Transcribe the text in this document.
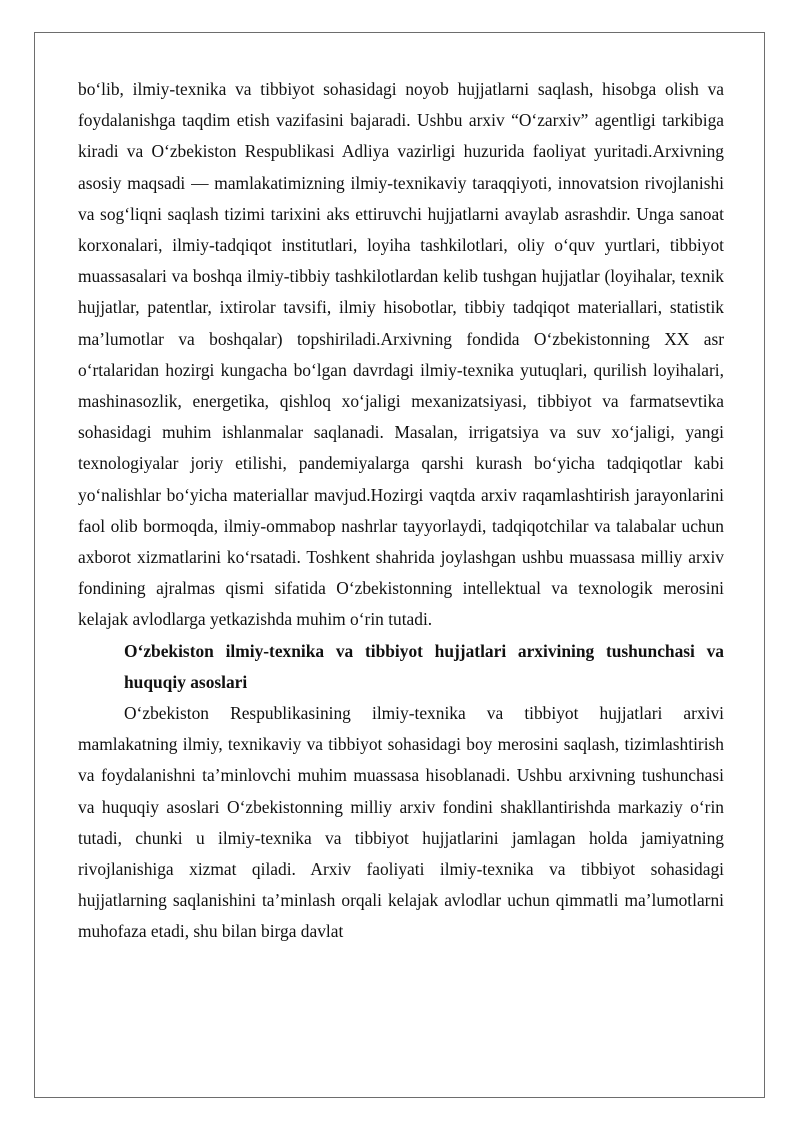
bo‘lib, ilmiy-texnika va tibbiyot sohasidagi noyob hujjatlarni saqlash, hisobga olish va foydalanishga taqdim etish vazifasini bajaradi. Ushbu arxiv “O‘zarxiv” agentligi tarkibiga kiradi va O‘zbekiston Respublikasi Adliya vazirligi huzurida faoliyat yuritadi.Arxivning asosiy maqsadi — mamlakatimizning ilmiy-texnikaviy taraqqiyoti, innovatsion rivojlanishi va sog‘liqni saqlash tizimi tarixini aks ettiruvchi hujjatlarni avaylab asrashdir. Unga sanoat korxonalari, ilmiy-tadqiqot institutlari, loyiha tashkilotlari, oliy o‘quv yurtlari, tibbiyot muassasalari va boshqa ilmiy-tibbiy tashkilotlardan kelib tushgan hujjatlar (loyihalar, texnik hujjatlar, patentlar, ixtirolar tavsifi, ilmiy hisobotlar, tibbiy tadqiqot materiallari, statistik ma’lumotlar va boshqalar) topshiriladi.Arxivning fondida O‘zbekistonning XX asr o‘rtalaridan hozirgi kungacha bo‘lgan davrdagi ilmiy-texnika yutuqlari, qurilish loyihalari, mashinasozlik, energetika, qishloq xo‘jaligi mexanizatsiyasi, tibbiyot va farmatsevtika sohasidagi muhim ishlanmalar saqlanadi. Masalan, irrigatsiya va suv xo‘jaligi, yangi texnologiyalar joriy etilishi, pandemiyalarga qarshi kurash bo‘yicha tadqiqotlar kabi yo‘nalishlar bo‘yicha materiallar mavjud.Hozirgi vaqtda arxiv raqamlashtirish jarayonlarini faol olib bormoqda, ilmiy-ommabop nashrlar tayyorlaydi, tadqiqotchilar va talabalar uchun axborot xizmatlarini ko‘rsatadi. Toshkent shahrida joylashgan ushbu muassasa milliy arxiv fondining ajralmas qismi sifatida O‘zbekistonning intellektual va texnologik merosini kelajak avlodlarga yetkazishda muhim o‘rin tutadi.

O‘zbekiston ilmiy-texnika va tibbiyot hujjatlari arxivining tushunchasi va huquqiy asoslari

O‘zbekiston Respublikasining ilmiy-texnika va tibbiyot hujjatlari arxivi mamlakatning ilmiy, texnikaviy va tibbiyot sohasidagi boy merosini saqlash, tizimlashtirish va foydalanishni ta’minlovchi muhim muassasa hisoblanadi. Ushbu arxivning tushunchasi va huquqiy asoslari O‘zbekistonning milliy arxiv fondini shakllantirishda markaziy o‘rin tutadi, chunki u ilmiy-texnika va tibbiyot hujjatlarini jamlagan holda jamiyatning rivojlanishiga xizmat qiladi. Arxiv faoliyati ilmiy-texnika va tibbiyot sohasidagi hujjatlarning saqlanishini ta’minlash orqali kelajak avlodlar uchun qimmatli ma’lumotlarni muhofaza etadi, shu bilan birga davlat
